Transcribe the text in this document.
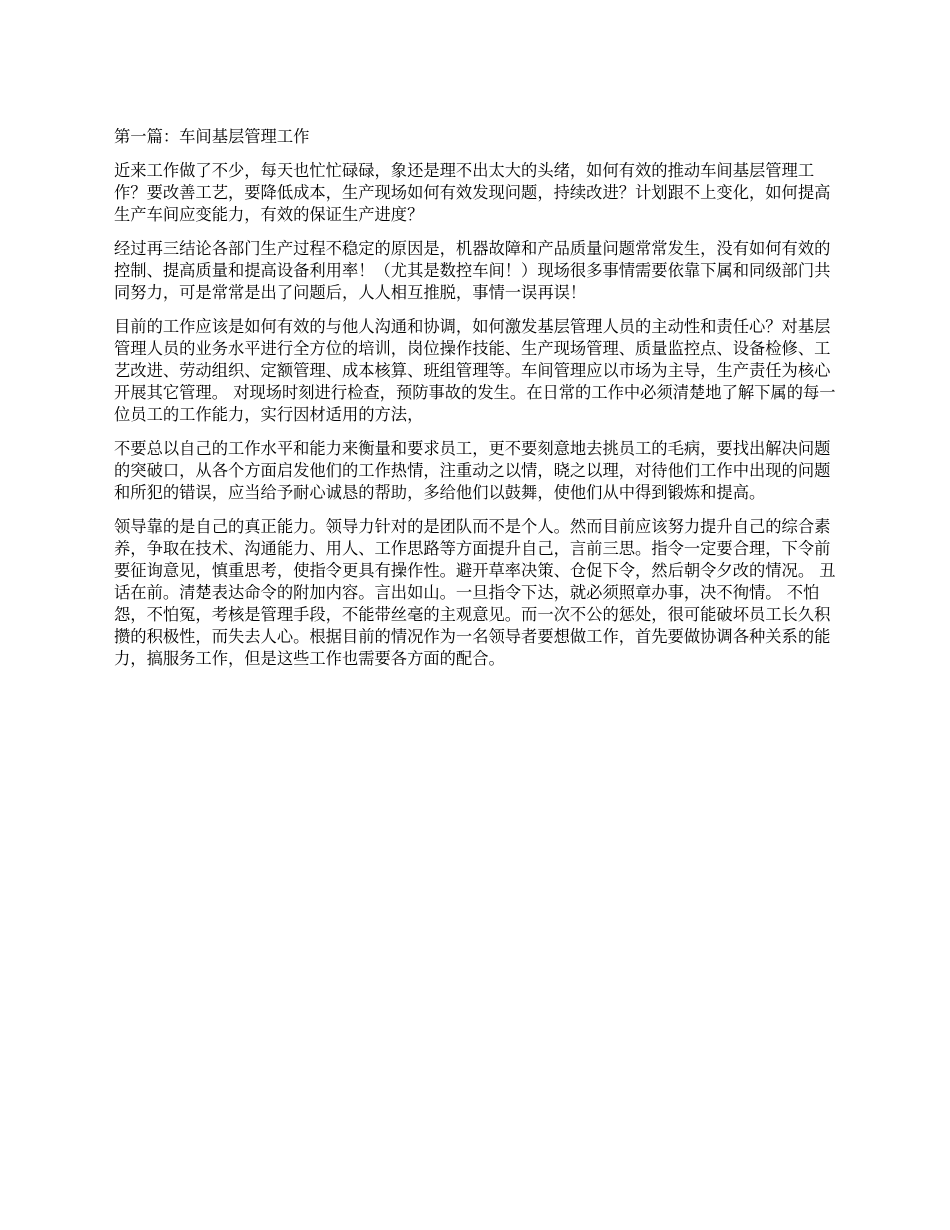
第一篇：车间基层管理工作

近来工作做了不少，每天也忙忙碌碌，象还是理不出太大的头绪，如何有效的推动车间基层管理工作？要改善工艺，要降低成本，生产现场如何有效发现问题，持续改进？计划跟不上变化，如何提高生产车间应变能力，有效的保证生产进度？

经过再三结论各部门生产过程不稳定的原因是，机器故障和产品质量问题常常发生，没有如何有效的控制、提高质量和提高设备利用率！（尤其是数控车间！）现场很多事情需要依靠下属和同级部门共同努力，可是常常是出了问题后，人人相互推脱，事情一误再误！

目前的工作应该是如何有效的与他人沟通和协调，如何激发基层管理人员的主动性和责任心？对基层管理人员的业务水平进行全方位的培训，岗位操作技能、生产现场管理、质量监控点、设备检修、工艺改进、劳动组织、定额管理、成本核算、班组管理等。车间管理应以市场为主导，生产责任为核心开展其它管理。 对现场时刻进行检查，预防事故的发生。在日常的工作中必须清楚地了解下属的每一位员工的工作能力，实行因材适用的方法，

不要总以自己的工作水平和能力来衡量和要求员工，更不要刻意地去挑员工的毛病，要找出解决问题的突破口，从各个方面启发他们的工作热情，注重动之以情，晓之以理，对待他们工作中出现的问题和所犯的错误，应当给予耐心诚恳的帮助，多给他们以鼓舞，使他们从中得到锻炼和提高。

领导靠的是自己的真正能力。领导力针对的是团队而不是个人。然而目前应该努力提升自己的综合素养，争取在技术、沟通能力、用人、工作思路等方面提升自己，言前三思。指令一定要合理，下令前要征询意见，慎重思考，使指令更具有操作性。避开草率决策、仓促下令，然后朝令夕改的情况。 丑话在前。清楚表达命令的附加内容。言出如山。一旦指令下达，就必须照章办事，决不徇情。 不怕怨，不怕冤，考核是管理手段，不能带丝毫的主观意见。而一次不公的惩处，很可能破坏员工长久积攒的积极性，而失去人心。根据目前的情况作为一名领导者要想做工作，首先要做协调各种关系的能力，搞服务工作，但是这些工作也需要各方面的配合。
